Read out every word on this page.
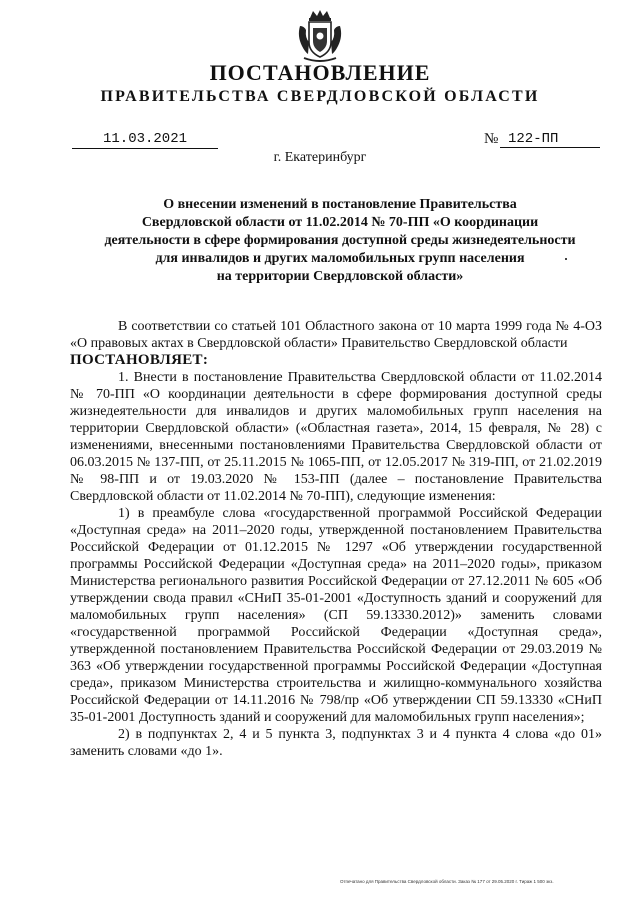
ПОСТАНОВЛЕНИЕ
ПРАВИТЕЛЬСТВА СВЕРДЛОВСКОЙ ОБЛАСТИ
11.03.2021	№ 122-ПП
г. Екатеринбург
О внесении изменений в постановление Правительства
Свердловской области от 11.02.2014 № 70-ПП «О координации
деятельности в сфере формирования доступной среды жизнедеятельности
для инвалидов и других маломобильных групп населения
на территории Свердловской области»

В соответствии со статьей 101 Областного закона от 10 марта 1999 года № 4-ОЗ «О правовых актах в Свердловской области» Правительство Свердловской области

ПОСТАНОВЛЯЕТ:

1. Внести в постановление Правительства Свердловской области от 11.02.2014 № 70-ПП «О координации деятельности в сфере формирования доступной среды жизнедеятельности для инвалидов и других маломобильных групп населения на территории Свердловской области» («Областная газета», 2014, 15 февраля, № 28) с изменениями, внесенными постановлениями Правительства Свердловской области от 06.03.2015 № 137-ПП, от 25.11.2015 № 1065-ПП, от 12.05.2017 № 319-ПП, от 21.02.2019 № 98-ПП и от 19.03.2020 № 153-ПП (далее – постановление Правительства Свердловской области от 11.02.2014 № 70-ПП), следующие изменения:

1) в преамбуле слова «государственной программой Российской Федерации «Доступная среда» на 2011–2020 годы, утвержденной постановлением Правительства Российской Федерации от 01.12.2015 № 1297 «Об утверждении государственной программы Российской Федерации «Доступная среда» на 2011–2020 годы», приказом Министерства регионального развития Российской Федерации от 27.12.2011 № 605 «Об утверждении свода правил «СНиП 35-01-2001 «Доступность зданий и сооружений для маломобильных групп населения» (СП 59.13330.2012)» заменить словами «государственной программой Российской Федерации «Доступная среда», утвержденной постановлением Правительства Российской Федерации от 29.03.2019 № 363 «Об утверждении государственной программы Российской Федерации «Доступная среда», приказом Министерства строительства и жилищно-коммунального хозяйства Российской Федерации от 14.11.2016 № 798/пр «Об утверждении СП 59.13330 «СНиП 35-01-2001 Доступность зданий и сооружений для маломобильных групп населения»;

2) в подпунктах 2, 4 и 5 пункта 3, подпунктах 3 и 4 пункта 4 слова «до 01» заменить словами «до 1».

Отпечатано для Правительства Свердловской области. Заказ № 177 от 29.05.2020 г. Тираж 1 500 экз.
